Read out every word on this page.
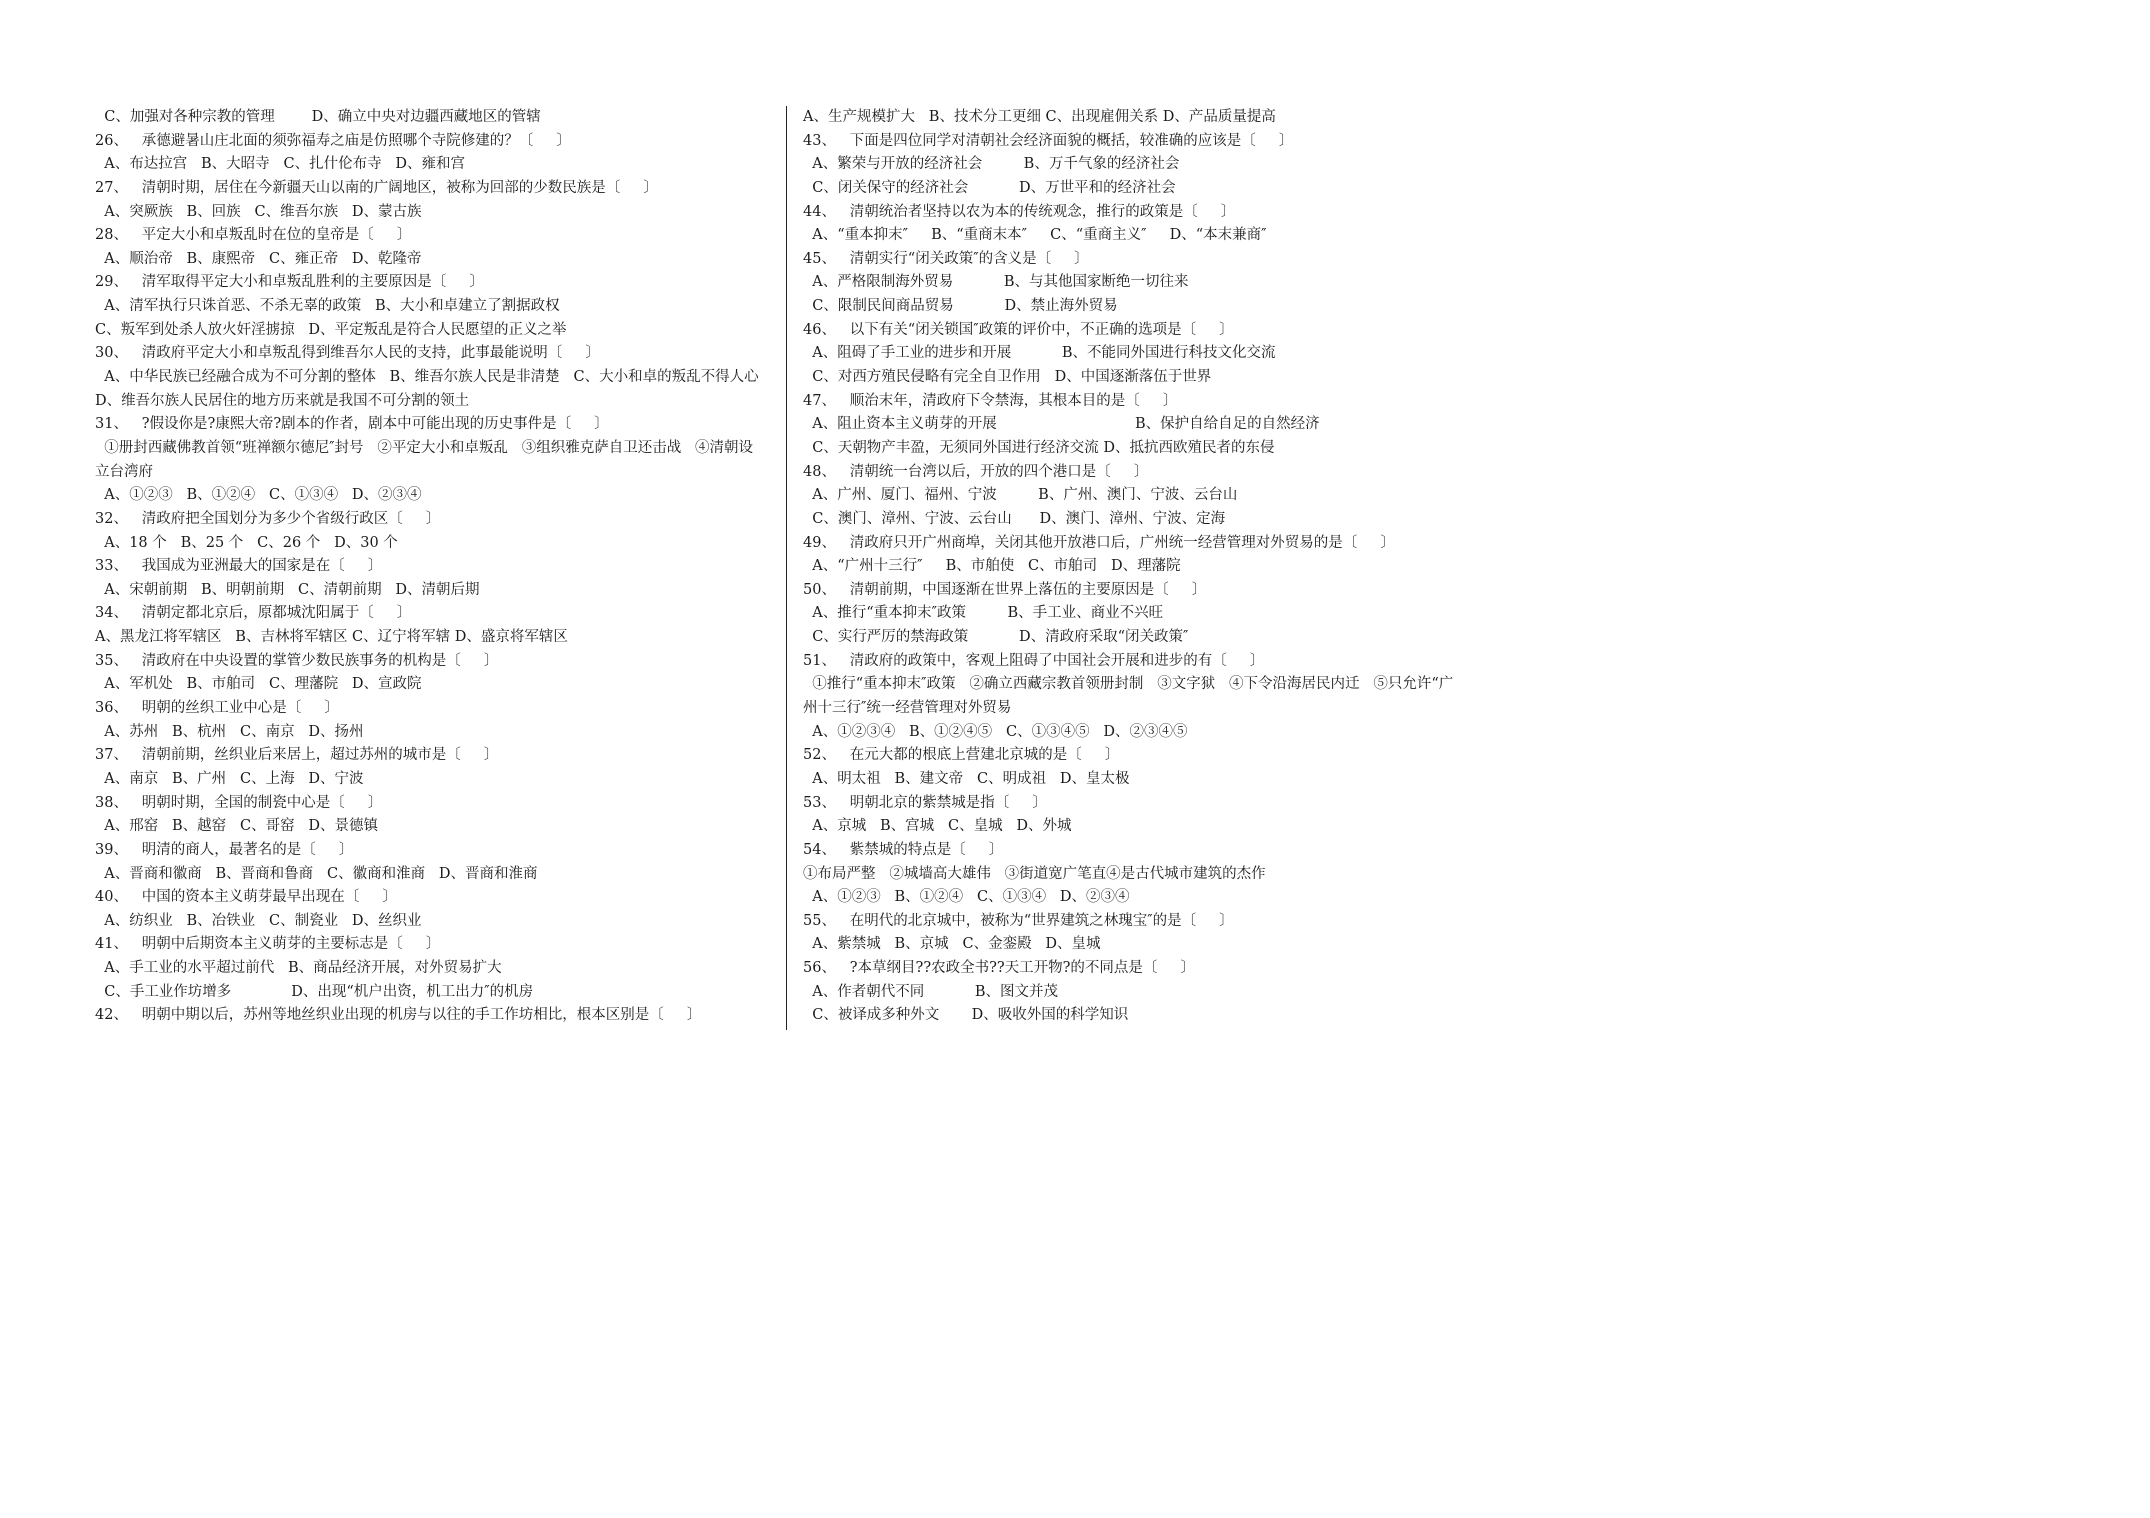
C、加强对各种宗教的管理        D、确立中央对边疆西藏地区的管辖
26、   承德避暑山庄北面的须弥福寿之庙是仿照哪个寺院修建的？〔     〕
A、布达拉宫   B、大昭寺   C、扎什伦布寺   D、雍和宫
27、   清朝时期，居住在今新疆天山以南的广阔地区，被称为回部的少数民族是〔     〕
A、突厥族   B、回族   C、维吾尔族   D、蒙古族
28、   平定大小和卓叛乱时在位的皇帝是〔     〕
A、顺治帝   B、康熙帝   C、雍正帝   D、乾隆帝
29、   清军取得平定大小和卓叛乱胜利的主要原因是〔     〕
A、清军执行只诛首恶、不杀无辜的政策   B、大小和卓建立了割据政权
C、叛军到处杀人放火奸淫掳掠   D、平定叛乱是符合人民愿望的正义之举
30、   清政府平定大小和卓叛乱得到维吾尔人民的支持，此事最能说明〔     〕
A、中华民族已经融合成为不可分割的整体   B、维吾尔族人民是非清楚   C、大小和卓的叛乱不得人心
D、维吾尔族人民居住的地方历来就是我国不可分割的领土
31、   ?假设你是?康熙大帝?剧本的作者，剧本中可能出现的历史事件是〔     〕
①册封西藏佛教首领“班禅额尔德尼″封号   ②平定大小和卓叛乱   ③组织雅克萨自卫还击战   ④清朝设
立台湾府
A、①②③   B、①②④   C、①③④   D、②③④
32、   清政府把全国划分为多少个省级行政区〔     〕
A、18 个   B、25 个   C、26 个   D、30 个
33、   我国成为亚洲最大的国家是在〔     〕
A、宋朝前期   B、明朝前期   C、清朝前期   D、清朝后期
34、   清朝定都北京后，原都城沈阳属于〔     〕
A、黑龙江将军辖区   B、吉林将军辖区 C、辽宁将军辖 D、盛京将军辖区
35、   清政府在中央设置的掌管少数民族事务的机构是〔     〕
A、军机处   B、市舶司   C、理藩院   D、宣政院
36、   明朝的丝织工业中心是〔     〕
A、苏州   B、杭州   C、南京   D、扬州
37、   清朝前期，丝织业后来居上，超过苏州的城市是〔     〕
A、南京   B、广州   C、上海   D、宁波
38、   明朝时期，全国的制瓷中心是〔     〕
A、邢窑   B、越窑   C、哥窑   D、景德镇
39、   明清的商人，最著名的是〔     〕
A、晋商和徽商   B、晋商和鲁商   C、徽商和淮商   D、晋商和淮商
40、   中国的资本主义萌芽最早出现在〔     〕
A、纺织业   B、冶铁业   C、制瓷业   D、丝织业
41、   明朝中后期资本主义萌芽的主要标志是〔     〕
A、手工业的水平超过前代   B、商品经济开展，对外贸易扩大
C、手工业作坊增多             D、出现“机户出资，机工出力″的机房
42、   明朝中期以后，苏州等地丝织业出现的机房与以往的手工作坊相比，根本区别是〔     〕
A、生产规模扩大   B、技术分工更细 C、出现雇佣关系 D、产品质量提高
43、   下面是四位同学对清朝社会经济面貌的概括，较准确的应该是〔     〕
A、繁荣与开放的经济社会         B、万千气象的经济社会
C、闭关保守的经济社会           D、万世平和的经济社会
44、   清朝统治者坚持以农为本的传统观念，推行的政策是〔     〕
A、“重本抑末″     B、“重商末本″     C、“重商主义″     D、“本末兼商″
45、   清朝实行“闭关政策″的含义是〔     〕
A、严格限制海外贸易           B、与其他国家断绝一切往来
C、限制民间商品贸易           D、禁止海外贸易
46、   以下有关“闭关锁国″政策的评价中，不正确的选项是〔     〕
A、阻碍了手工业的进步和开展           B、不能同外国进行科技文化交流
C、对西方殖民侵略有完全自卫作用   D、中国逐渐落伍于世界
47、   顺治末年，清政府下令禁海，其根本目的是〔     〕
A、阻止资本主义萌芽的开展                              B、保护自给自足的自然经济
C、天朝物产丰盈，无须同外国进行经济交流 D、抵抗西欧殖民者的东侵
48、   清朝统一台湾以后，开放的四个港口是〔     〕
A、广州、厦门、福州、宁波         B、广州、澳门、宁波、云台山
C、澳门、漳州、宁波、云台山      D、澳门、漳州、宁波、定海
49、   清政府只开广州商埠，关闭其他开放港口后，广州统一经营管理对外贸易的是〔     〕
A、“广州十三行″     B、市舶使   C、市舶司   D、理藩院
50、   清朝前期，中国逐渐在世界上落伍的主要原因是〔     〕
A、推行“重本抑末″政策         B、手工业、商业不兴旺
C、实行严厉的禁海政策           D、清政府采取“闭关政策″
51、   清政府的政策中，客观上阻碍了中国社会开展和进步的有〔     〕
①推行“重本抑末″政策   ②确立西藏宗教首领册封制   ③文字狱   ④下令沿海居民内迁   ⑤只允许“广
州十三行″统一经营管理对外贸易
A、①②③④   B、①②④⑤   C、①③④⑤   D、②③④⑤
52、   在元大都的根底上营建北京城的是〔     〕
A、明太祖   B、建文帝   C、明成祖   D、皇太极
53、   明朝北京的紫禁城是指〔     〕
A、京城   B、宫城   C、皇城   D、外城
54、   紫禁城的特点是〔     〕
①布局严整   ②城墙高大雄伟   ③街道宽广笔直④是古代城市建筑的杰作
A、①②③   B、①②④   C、①③④   D、②③④
55、   在明代的北京城中，被称为“世界建筑之林瑰宝″的是〔     〕
A、紫禁城   B、京城   C、金銮殿   D、皇城
56、   ?本草纲目??农政全书??天工开物?的不同点是〔     〕
A、作者朝代不同           B、图文并茂
C、被译成多种外文       D、吸收外国的科学知识
